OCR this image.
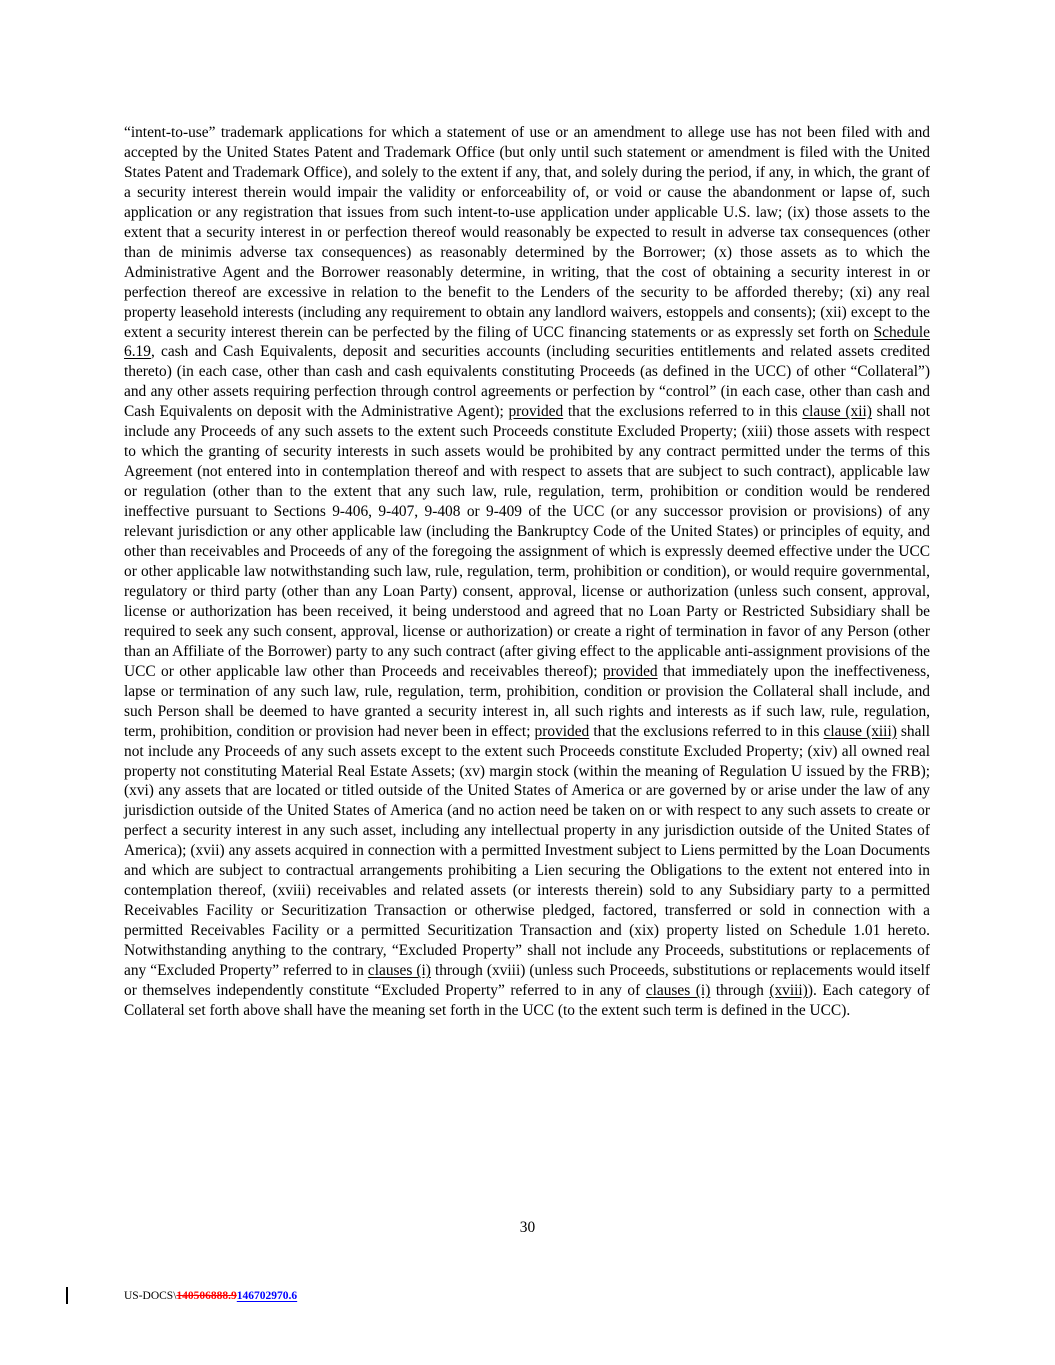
“intent-to-use” trademark applications for which a statement of use or an amendment to allege use has not been filed with and accepted by the United States Patent and Trademark Office (but only until such statement or amendment is filed with the United States Patent and Trademark Office), and solely to the extent if any, that, and solely during the period, if any, in which, the grant of a security interest therein would impair the validity or enforceability of, or void or cause the abandonment or lapse of, such application or any registration that issues from such intent-to-use application under applicable U.S. law; (ix) those assets to the extent that a security interest in or perfection thereof would reasonably be expected to result in adverse tax consequences (other than de minimis adverse tax consequences) as reasonably determined by the Borrower; (x) those assets as to which the Administrative Agent and the Borrower reasonably determine, in writing, that the cost of obtaining a security interest in or perfection thereof are excessive in relation to the benefit to the Lenders of the security to be afforded thereby; (xi) any real property leasehold interests (including any requirement to obtain any landlord waivers, estoppels and consents); (xii) except to the extent a security interest therein can be perfected by the filing of UCC financing statements or as expressly set forth on Schedule 6.19, cash and Cash Equivalents, deposit and securities accounts (including securities entitlements and related assets credited thereto) (in each case, other than cash and cash equivalents constituting Proceeds (as defined in the UCC) of other “Collateral”) and any other assets requiring perfection through control agreements or perfection by “control” (in each case, other than cash and Cash Equivalents on deposit with the Administrative Agent); provided that the exclusions referred to in this clause (xii) shall not include any Proceeds of any such assets to the extent such Proceeds constitute Excluded Property; (xiii) those assets with respect to which the granting of security interests in such assets would be prohibited by any contract permitted under the terms of this Agreement (not entered into in contemplation thereof and with respect to assets that are subject to such contract), applicable law or regulation (other than to the extent that any such law, rule, regulation, term, prohibition or condition would be rendered ineffective pursuant to Sections 9-406, 9-407, 9-408 or 9-409 of the UCC (or any successor provision or provisions) of any relevant jurisdiction or any other applicable law (including the Bankruptcy Code of the United States) or principles of equity, and other than receivables and Proceeds of any of the foregoing the assignment of which is expressly deemed effective under the UCC or other applicable law notwithstanding such law, rule, regulation, term, prohibition or condition), or would require governmental, regulatory or third party (other than any Loan Party) consent, approval, license or authorization (unless such consent, approval, license or authorization has been received, it being understood and agreed that no Loan Party or Restricted Subsidiary shall be required to seek any such consent, approval, license or authorization) or create a right of termination in favor of any Person (other than an Affiliate of the Borrower) party to any such contract (after giving effect to the applicable anti-assignment provisions of the UCC or other applicable law other than Proceeds and receivables thereof); provided that immediately upon the ineffectiveness, lapse or termination of any such law, rule, regulation, term, prohibition, condition or provision the Collateral shall include, and such Person shall be deemed to have granted a security interest in, all such rights and interests as if such law, rule, regulation, term, prohibition, condition or provision had never been in effect; provided that the exclusions referred to in this clause (xiii) shall not include any Proceeds of any such assets except to the extent such Proceeds constitute Excluded Property; (xiv) all owned real property not constituting Material Real Estate Assets; (xv) margin stock (within the meaning of Regulation U issued by the FRB); (xvi) any assets that are located or titled outside of the United States of America or are governed by or arise under the law of any jurisdiction outside of the United States of America (and no action need be taken on or with respect to any such assets to create or perfect a security interest in any such asset, including any intellectual property in any jurisdiction outside of the United States of America); (xvii) any assets acquired in connection with a permitted Investment subject to Liens permitted by the Loan Documents and which are subject to contractual arrangements prohibiting a Lien securing the Obligations to the extent not entered into in contemplation thereof, (xviii) receivables and related assets (or interests therein) sold to any Subsidiary party to a permitted Receivables Facility or Securitization Transaction or otherwise pledged, factored, transferred or sold in connection with a permitted Receivables Facility or a permitted Securitization Transaction and (xix) property listed on Schedule 1.01 hereto. Notwithstanding anything to the contrary, “Excluded Property” shall not include any Proceeds, substitutions or replacements of any “Excluded Property” referred to in clauses (i) through (xviii) (unless such Proceeds, substitutions or replacements would itself or themselves independently constitute “Excluded Property” referred to in any of clauses (i) through (xviii)). Each category of Collateral set forth above shall have the meaning set forth in the UCC (to the extent such term is defined in the UCC).

30
US-DOCS\140506888.9146702970.6
